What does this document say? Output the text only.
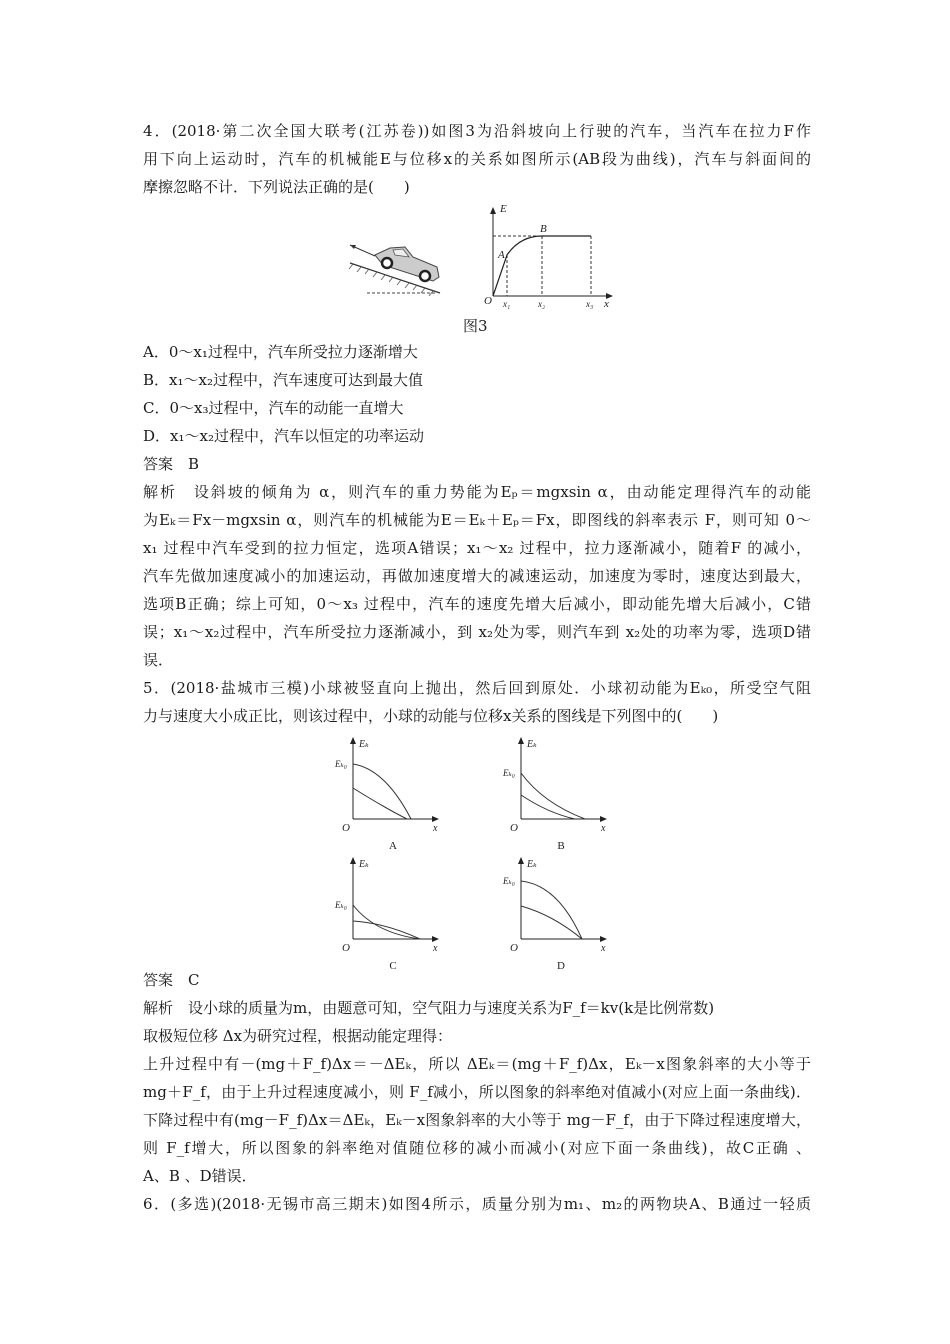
4．(2018·第二次全国大联考(江苏卷))如图3为沿斜坡向上行驶的汽车，当汽车在拉力F作
用下向上运动时，汽车的机械能E与位移x的关系如图所示(AB段为曲线)，汽车与斜面间的
摩擦忽略不计．下列说法正确的是(　　)
E
O
A
B
x₁	x₂	x₃ x
图3
A．0～x₁过程中，汽车所受拉力逐渐增大
B．x₁～x₂过程中，汽车速度可达到最大值
C．0～x₃过程中，汽车的动能一直增大
D．x₁～x₂过程中，汽车以恒定的功率运动
答案　B
解析　设斜坡的倾角为 α，则汽车的重力势能为Eₚ＝mgxsin α，由动能定理得汽车的动能
为Eₖ＝Fx－mgxsin α，则汽车的机械能为E＝Eₖ＋Eₚ＝Fx，即图线的斜率表示 F，则可知 0～
x₁ 过程中汽车受到的拉力恒定，选项A错误；x₁～x₂ 过程中，拉力逐渐减小，随着F 的减小，
汽车先做加速度减小的加速运动，再做加速度增大的减速运动，加速度为零时，速度达到最大，
选项B正确；综上可知，0～x₃ 过程中，汽车的速度先增大后减小，即动能先增大后减小，C错
误；x₁～x₂过程中，汽车所受拉力逐渐减小，到 x₂处为零，则汽车到 x₂处的功率为零，选项D错
误．
5．(2018·盐城市三模)小球被竖直向上抛出，然后回到原处．小球初动能为Eₖ₀，所受空气阻
力与速度大小成正比，则该过程中，小球的动能与位移x关系的图线是下列图中的(　　)
Eₖ
Eₖ₀
O	x
A
Eₖ
Eₖ₀
O	x
B
Eₖ
Eₖ₀
O	x
C
Eₖ
Eₖ₀
O	x
D
答案　C
解析　设小球的质量为m，由题意可知，空气阻力与速度关系为F_f＝kv(k是比例常数)
取极短位移 Δx为研究过程，根据动能定理得：
上升过程中有－(mg＋F_f)Δx＝－ΔEₖ，所以 ΔEₖ＝(mg＋F_f)Δx，Eₖ－x图象斜率的大小等于
mg＋F_f，由于上升过程速度减小，则 F_f减小，所以图象的斜率绝对值减小(对应上面一条曲线)．
下降过程中有(mg－F_f)Δx＝ΔEₖ，Eₖ－x图象斜率的大小等于 mg－F_f，由于下降过程速度增大，
则 F_f增大，所以图象的斜率绝对值随位移的减小而减小(对应下面一条曲线)，故C正确 、
A、B 、D错误．
6．(多选)(2018·无锡市高三期末)如图4所示，质量分别为m₁、m₂的两物块A、B通过一轻质
